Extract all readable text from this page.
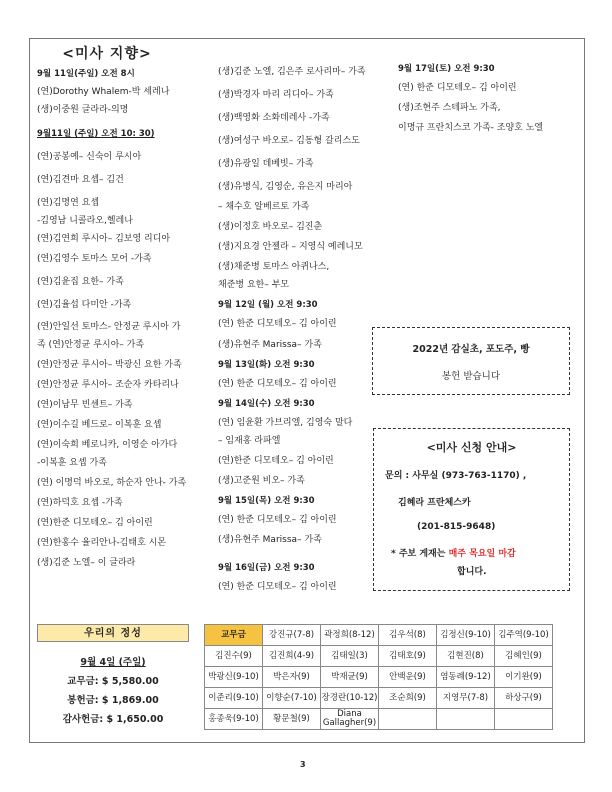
<미사 지향>
9월 11일(주일) 오전 8시
(연)Dorothy Whalem-박 세레나
(생)이중원 글라라-의명
9월11일 (주일) 오전 10: 30)
(연)공봉예– 신숙이 루시아
(연)김견마 요셉– 김건
(연)김명연 요셉
-김영남 니콜라오,헬레나
(연)김연희 루시아– 김보영 리디아
(연)김영수 토마스 모어 -가족
(연)김윤집 요한– 가족
(연)김율섭 다미안 -가족
(연)안일선 토마스- 안정균 루시아 가
족 (연)안정균 루시아– 가족
(연)안정균 루시아– 박광신 요한 가족
(연)안정균 루시아– 조순자 카타리나
(연)이남무 빈센트– 가족
(연)이수길 베드로– 이복훈 요셉
(연)이숙희 베로니카, 이영순 아가다
-이복훈 요셉 가족
(연) 이명덕 바오로, 하순자 안나- 가족
(연)하덕호 요셉 -가족
(연)한준 디모테오– 김 아이린
(연)한홍수 율리안나-김태호 시몬
(생)김준 노엘– 이 글라라
(생)김준 노엘, 김은주 로사리마– 가족
(생)박경자 마리 리디아– 가족
(생)백영화 소화데레사 -가족
(생)여성구 바오로– 김동형 갈리스도
(생)유광일 데베빗– 가족
(생)유병식, 김영순, 유은지 마리아
– 채수호 알베르토 가족
(생)이정호 바오로– 김진춘
(생)지요경 안젤라 – 지영식 예레니모
(생)채준병 토마스 아퀴나스,
채준병 요한– 부모
9월 12일 (월) 오전 9:30
(연) 한준 디모테오– 김 아이린
(생)유현주 Marissa– 가족
9월 13일(화) 오전 9:30
(연) 한준 디모테오– 김 아이린
9월 14일(수) 오전 9:30
(연) 임윤환 가브리엘, 김영숙 말다
– 임재홍 라파엘
(연)한준 디모테오– 김 아이린
(생)고준원 비오– 가족
9월 15일(목) 오전 9:30
(연) 한준 디모테오– 김 아이린
(생)유현주 Marissa– 가족
9월 16일(금) 오전 9:30
(연) 한준 디모테오– 김 아이린
9월 17일(토) 오전 9:30
(연) 한준 디모테오– 김 아이린
(생)조현주 스테파노 가족,
이명규 프란치스코 가족- 조양호 노엘
2022년 감실초, 포도주, 빵
봉헌 받습니다
<미사 신청 안내>
문의 : 사무실 (973-763-1170) ,
김혜라 프란체스카
(201-815-9648)
* 주보 게재는 매주 목요일 마감
합니다.
우리의 정성
9월 4일 (주일)
교무금: $ 5,580.00
봉헌금: $ 1,869.00
감사헌금: $ 1,650.00
교무금	강진규(7-8)	곽정희(8-12)	김우석(8)	김정신(9-10)	김주역(9-10)
김진수(9)	김진희(4-9)	김태일(3)	김태호(9)	김현진(8)	김혜인(9)
박광신(9-10)	박은자(9)	박재균(9)	안백운(9)	염동례(9-12)	이기완(9)
이준리(9-10)	이향순(7-10)	장경란(10-12)	조순희(9)	지영무(7-8)	하상구(9)
홍종욱(9-10)	황문철(9)	Diana Gallagher(9)			
3
